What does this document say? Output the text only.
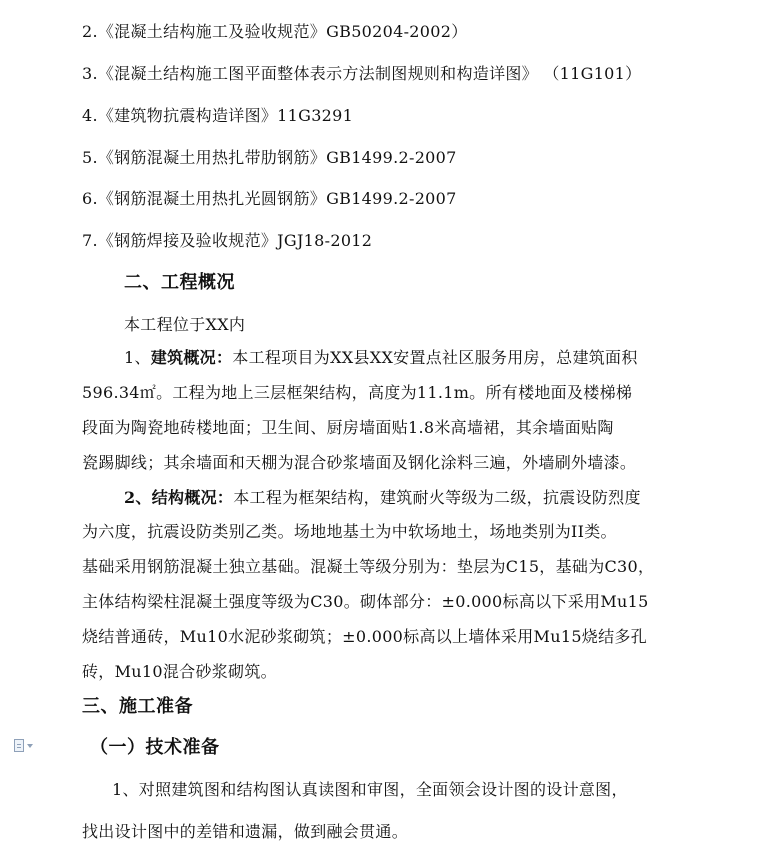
2.《混凝土结构施工及验收规范》GB50204-2002）
3.《混凝土结构施工图平面整体表示方法制图规则和构造详图》 （11G101）
4.《建筑物抗震构造详图》11G3291
5.《钢筋混凝土用热扎带肋钢筋》GB1499.2-2007
6.《钢筋混凝土用热扎光圆钢筋》GB1499.2-2007
7.《钢筋焊接及验收规范》JGJ18-2012
二、工程概况
本工程位于XX内
1、建筑概况：本工程项目为XX县XX安置点社区服务用房，总建筑面积
596.34㎡。工程为地上三层框架结构，高度为11.1m。所有楼地面及楼梯梯
段面为陶瓷地砖楼地面；卫生间、厨房墙面贴1.8米高墙裙，其余墙面贴陶
瓷踢脚线；其余墙面和天棚为混合砂浆墙面及钢化涂料三遍，外墙刷外墙漆。
2、结构概况：本工程为框架结构，建筑耐火等级为二级，抗震设防烈度
为六度，抗震设防类别乙类。场地地基土为中软场地土，场地类别为II类。
基础采用钢筋混凝土独立基础。混凝土等级分别为：垫层为C15，基础为C30，
主体结构梁柱混凝土强度等级为C30。砌体部分：±0.000标高以下采用Mu15
烧结普通砖，Mu10水泥砂浆砌筑；±0.000标高以上墙体采用Mu15烧结多孔
砖，Mu10混合砂浆砌筑。
三、施工准备
（一）技术准备
1、对照建筑图和结构图认真读图和审图，全面领会设计图的设计意图，
找出设计图中的差错和遗漏，做到融会贯通。
